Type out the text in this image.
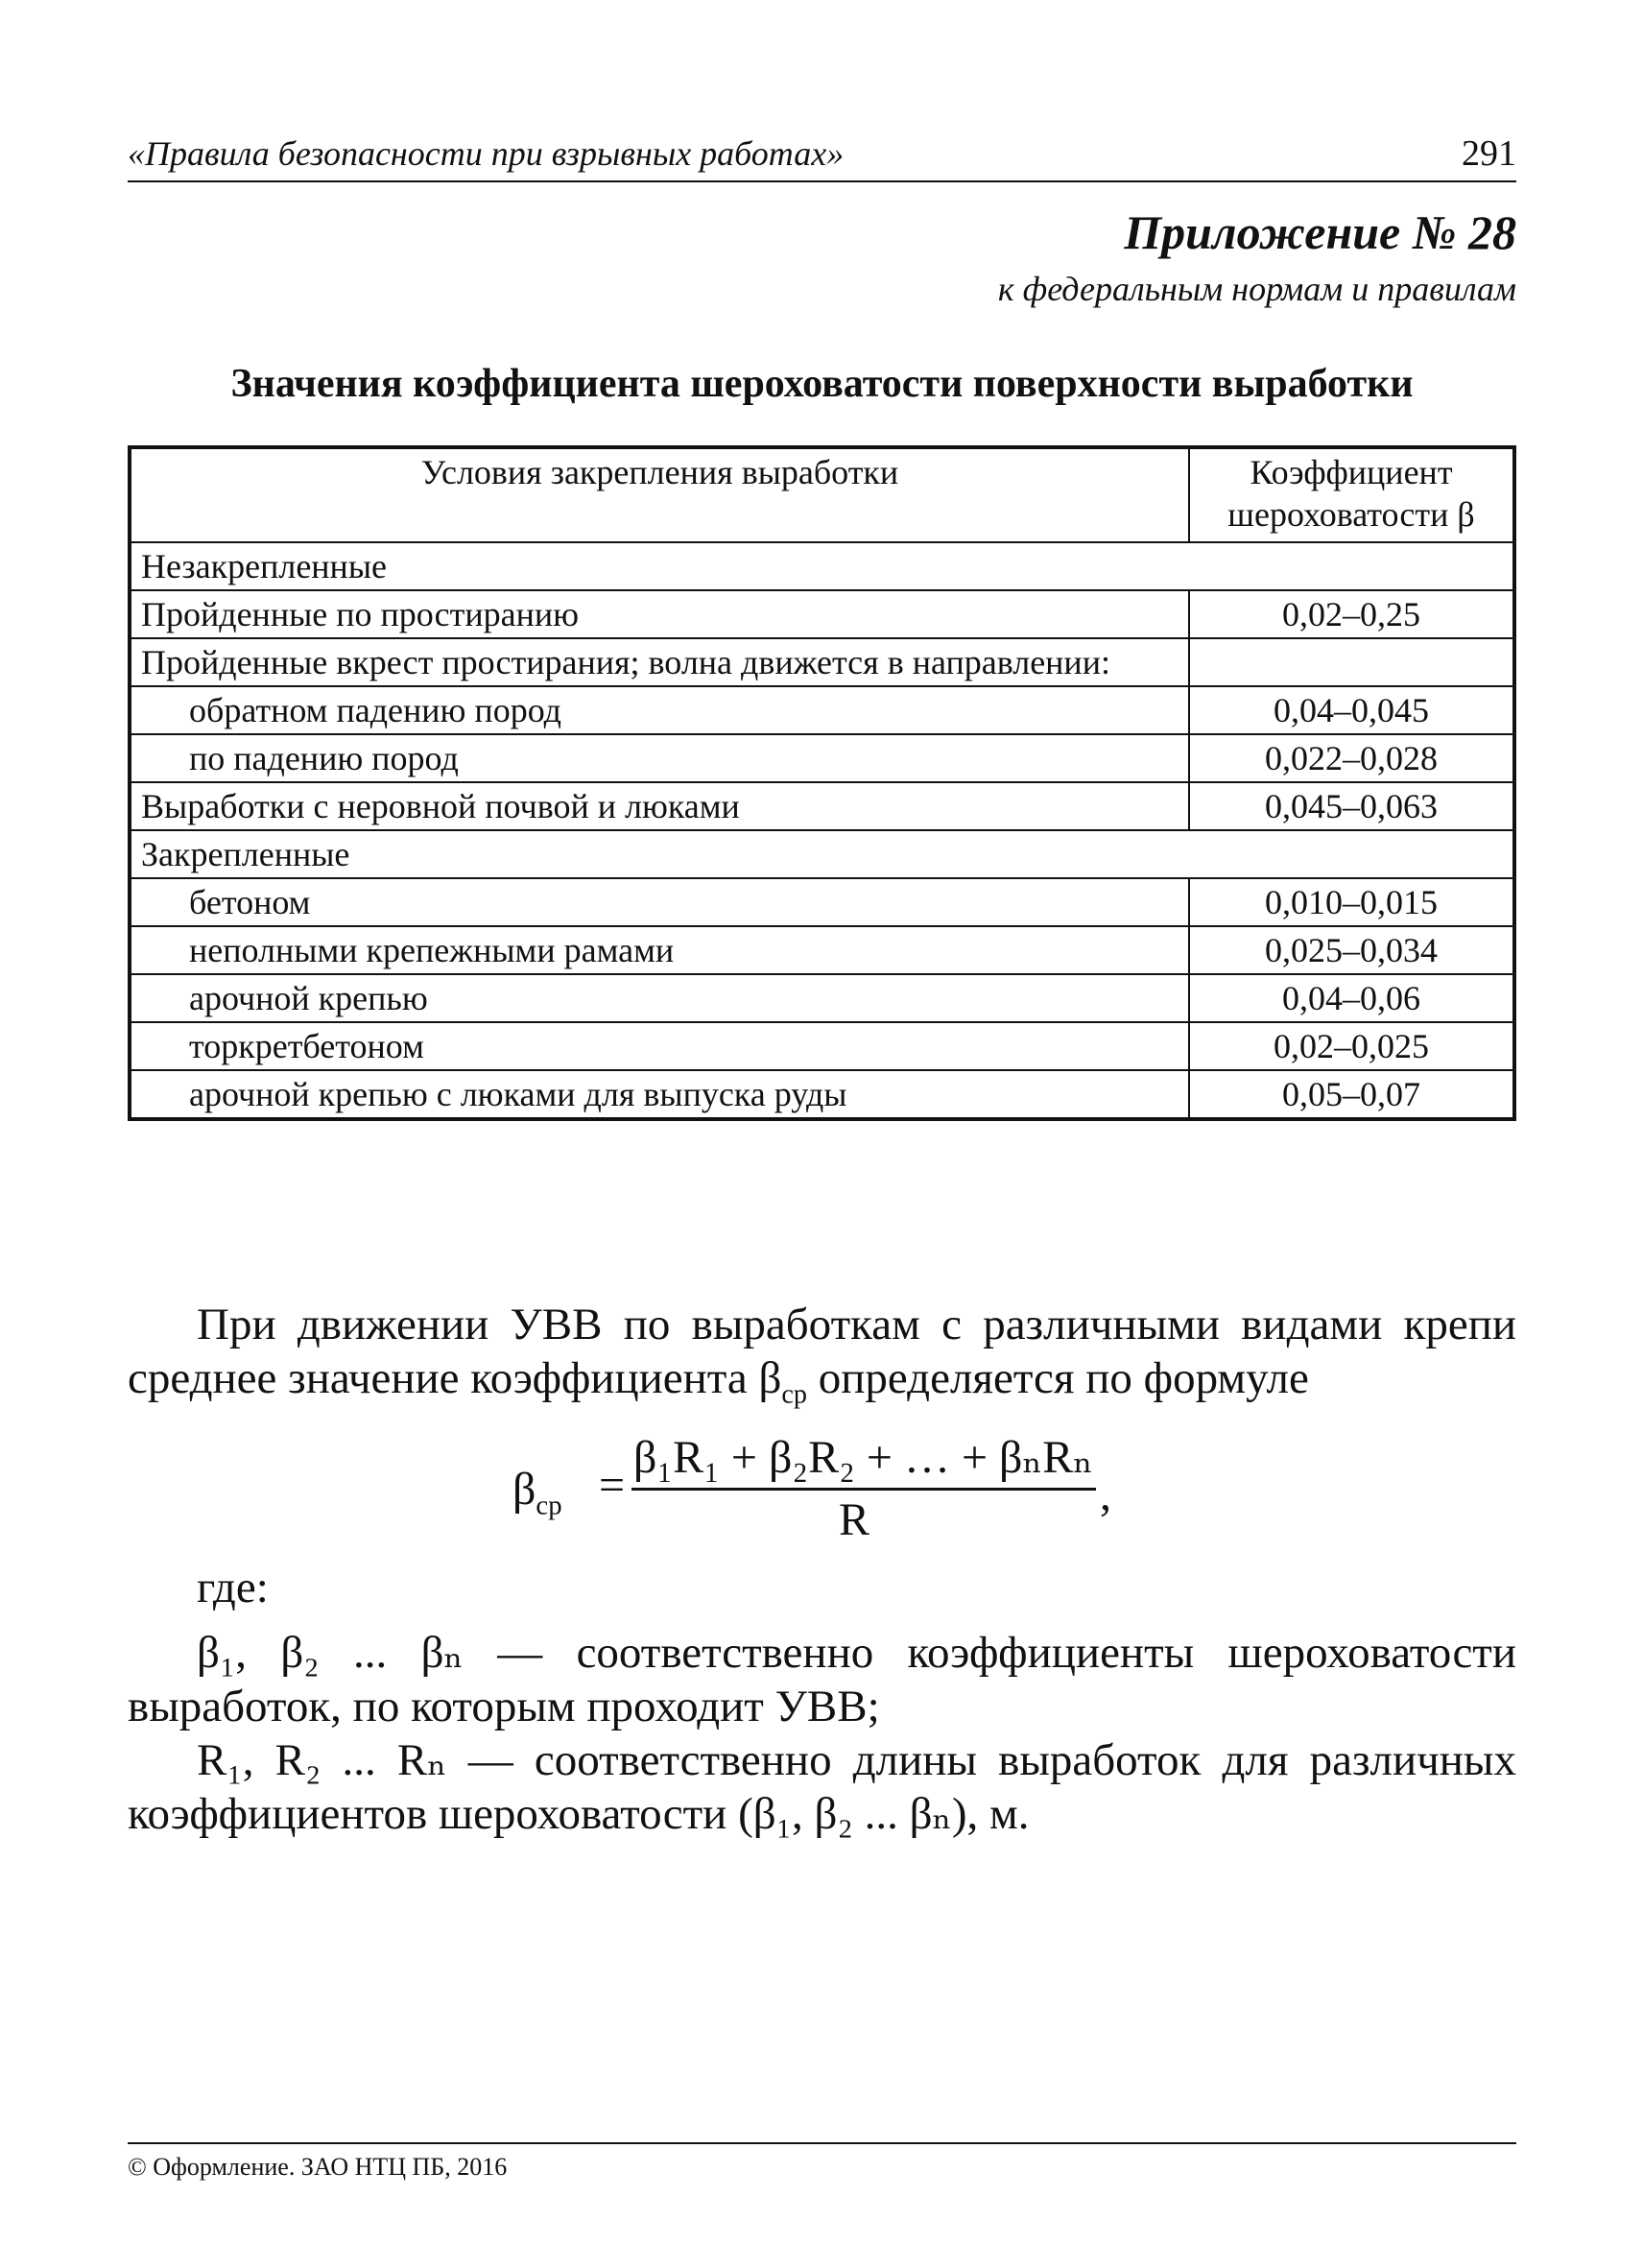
«Правила безопасности при взрывных работах»	291
Приложение № 28
к федеральным нормам и правилам
Значения коэффициента шероховатости поверхности выработки
Условия закрепления выработки	Коэффициент шероховатости β
Незакрепленные	
Пройденные по простиранию	0,02–0,25
Пройденные вкрест простирания; волна движется в направлении:	
обратном падению пород	0,04–0,045
по падению пород	0,022–0,028
Выработки с неровной почвой и люками	0,045–0,063
Закрепленные	
бетоном	0,010–0,015
неполными крепежными рамами	0,025–0,034
арочной крепью	0,04–0,06
торкретбетоном	0,02–0,025
арочной крепью с люками для выпуска руды	0,05–0,07
При движении УВВ по выработкам с различными видами крепи среднее значение коэффициента $\beta_{ср}$ определяется по формуле
$\beta_{ср}$ =
β₁R₁ + β₂R₂ + … + βₙRₙ
R	,
где:
β₁, β₂ ... βₙ — соответственно коэффициенты шероховатости выработок, по которым проходит УВВ;
R₁, R₂ ... Rₙ — соответственно длины выработок для различных коэффициентов шероховатости (β₁, β₂ ... βₙ), м.
© Оформление. ЗАО НТЦ ПБ, 2016
